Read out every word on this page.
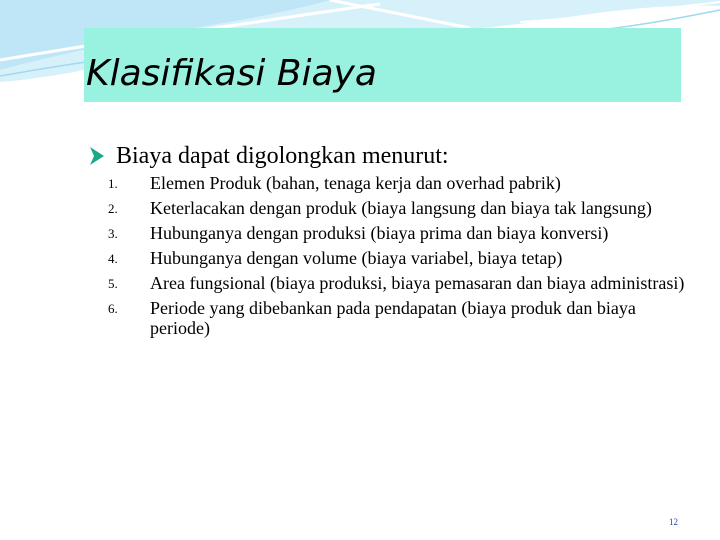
Klasifikasi Biaya
Biaya dapat digolongkan menurut:
1.	Elemen Produk (bahan, tenaga kerja dan overhad pabrik)
2.	Keterlacakan dengan produk (biaya langsung dan biaya tak langsung)
3.	Hubunganya dengan produksi (biaya prima dan biaya konversi)
4.	Hubunganya dengan volume (biaya variabel, biaya tetap)
5.	Area fungsional (biaya produksi, biaya pemasaran dan biaya administrasi)
6.	Periode yang dibebankan pada pendapatan (biaya produk dan biaya periode)
12
